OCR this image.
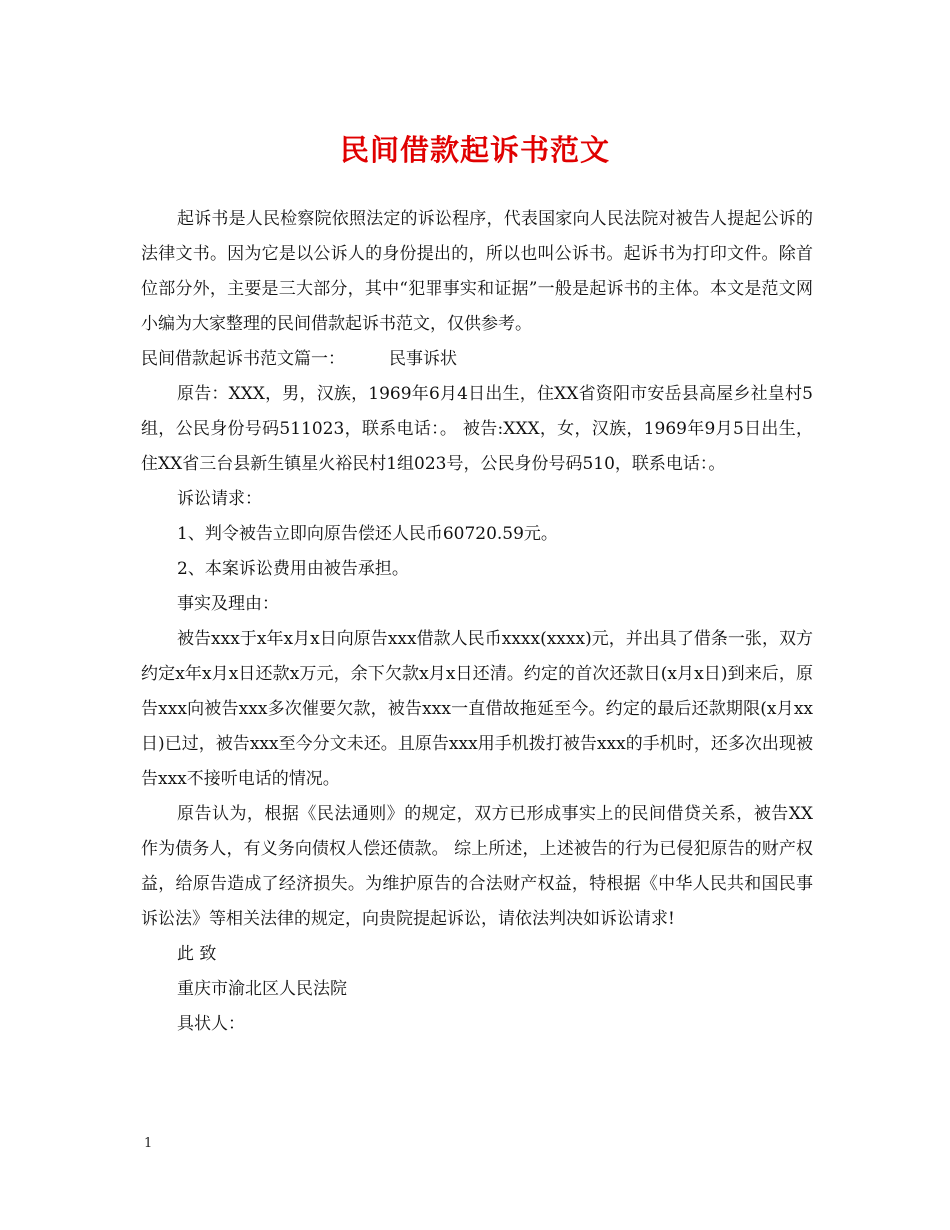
民间借款起诉书范文

起诉书是人民检察院依照法定的诉讼程序，代表国家向人民法院对被告人提起公诉的法律文书。因为它是以公诉人的身份提出的，所以也叫公诉书。起诉书为打印文件。除首位部分外，主要是三大部分，其中“犯罪事实和证据”一般是起诉书的主体。本文是范文网小编为大家整理的民间借款起诉书范文，仅供参考。

民间借款起诉书范文篇一：	民事诉状

原告：XXX，男，汉族，1969年6月4日出生，住XX省资阳市安岳县高屋乡社皇村5组，公民身份号码511023，联系电话：。 被告:XXX，女，汉族，1969年9月5日出生，住XX省三台县新生镇星火裕民村1组023号，公民身份号码510，联系电话：。

诉讼请求：

1、判令被告立即向原告偿还人民币60720.59元。

2、本案诉讼费用由被告承担。

事实及理由：

被告xxx于x年x月x日向原告xxx借款人民币xxxx(xxxx)元，并出具了借条一张，双方约定x年x月x日还款x万元，余下欠款x月x日还清。约定的首次还款日(x月x日)到来后，原告xxx向被告xxx多次催要欠款，被告xxx一直借故拖延至今。约定的最后还款期限(x月xx日)已过，被告xxx至今分文未还。且原告xxx用手机拨打被告xxx的手机时，还多次出现被告xxx不接听电话的情况。

原告认为，根据《民法通则》的规定，双方已形成事实上的民间借贷关系，被告XX作为债务人，有义务向债权人偿还债款。 综上所述，上述被告的行为已侵犯原告的财产权益，给原告造成了经济损失。为维护原告的合法财产权益，特根据《中华人民共和国民事诉讼法》等相关法律的规定，向贵院提起诉讼，请依法判决如诉讼请求!

此 致

重庆市渝北区人民法院

具状人：

1
